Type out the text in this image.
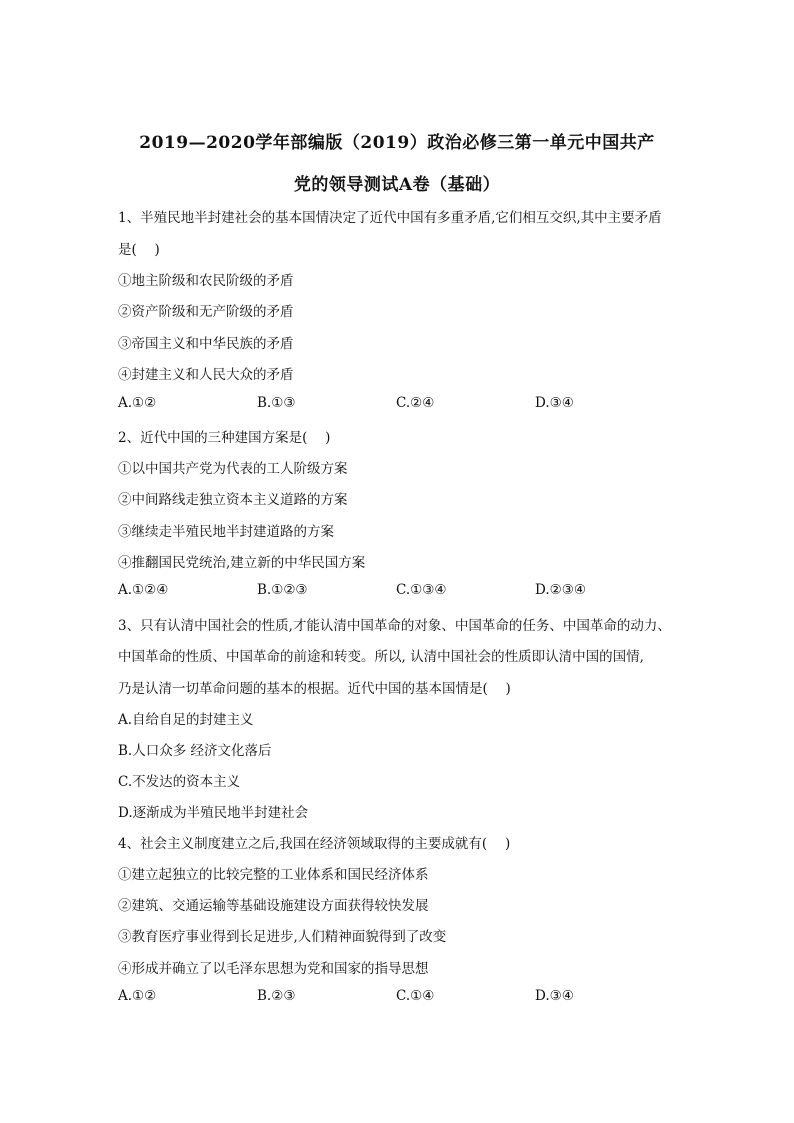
2019—2020学年部编版（2019）政治必修三第一单元中国共产
党的领导测试A卷（基础）
1、半殖民地半封建社会的基本国情决定了近代中国有多重矛盾,它们相互交织,其中主要矛盾
是(　 )
①地主阶级和农民阶级的矛盾
②资产阶级和无产阶级的矛盾
③帝国主义和中华民族的矛盾
④封建主义和人民大众的矛盾
A.①②	B.①③	C.②④	D.③④
2、近代中国的三种建国方案是(　 )
①以中国共产党为代表的工人阶级方案
②中间路线走独立资本主义道路的方案
③继续走半殖民地半封建道路的方案
④推翻国民党统治,建立新的中华民国方案
A.①②④	B.①②③	C.①③④	D.②③④
3、只有认清中国社会的性质,才能认清中国革命的对象、中国革命的任务、中国革命的动力、
中国革命的性质、中国革命的前途和转变。所以, 认清中国社会的性质即认清中国的国情,
乃是认清一切革命问题的基本的根据。近代中国的基本国情是(　 )
A.自给自足的封建主义
B.人口众多 经济文化落后
C.不发达的资本主义
D.逐渐成为半殖民地半封建社会
4、社会主义制度建立之后,我国在经济领域取得的主要成就有(　 )
①建立起独立的比较完整的工业体系和国民经济体系
②建筑、交通运输等基础设施建设方面获得较快发展
③教育医疗事业得到长足进步,人们精神面貌得到了改变
④形成并确立了以毛泽东思想为党和国家的指导思想
A.①②	B.②③	C.①④	D.③④
